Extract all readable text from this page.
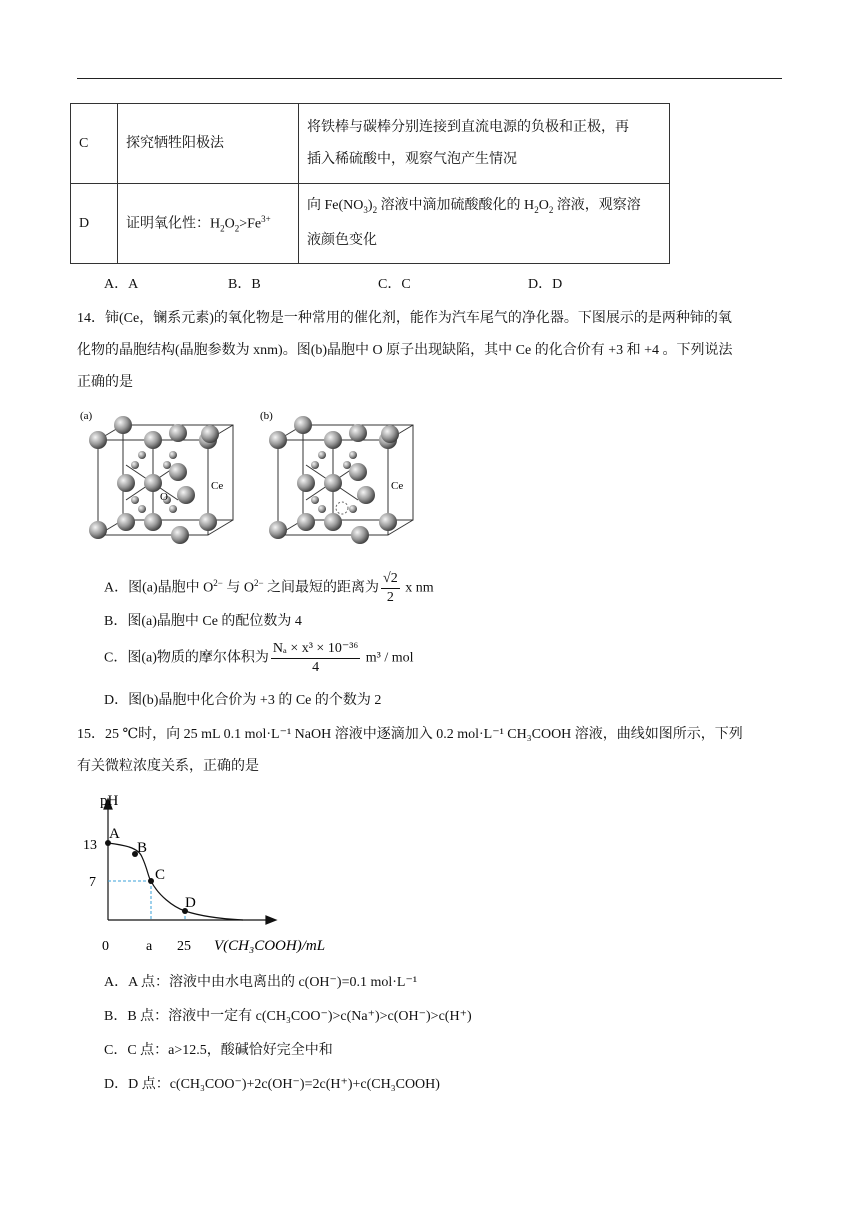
C	探究牺牲阳极法	将铁棒与碳棒分别连接到直流电源的负极和正极，再
插入稀硫酸中，观察气泡产生情况

D	证明氧化性：$H_2O_2>Fe^{3+}$	向 $Fe(NO_3)_2$ 溶液中滴加硫酸酸化的 $H_2O_2$ 溶液，观察溶
液颜色变化
A．A	B．B	C．C	D．D
14．铈(Ce，镧系元素)的氧化物是一种常用的催化剂，能作为汽车尾气的净化器。下图展示的是两种铈的氧
化物的晶胞结构(晶胞参数为 xnm)。图(b)晶胞中 O 原子出现缺陷，其中 Ce 的化合价有 +3 和 +4 。下列说法
正确的是
(a)
O
Ce
(b)
Ce
A．图(a)晶胞中 $O^{2-}$ 与 $O^{2-}$ 之间最短的距离为 $\frac{√2}{2}$ x nm
B．图(a)晶胞中 Ce 的配位数为 4
C．图(a)物质的摩尔体积为 $\frac{\text{Nₐ × x³ × 10⁻³⁶}}{4} m^3$ / mol
D．图(b)晶胞中化合价为 +3 的 Ce 的个数为 2
15．25 ℃时，向 25 mL 0.1 mol·L⁻¹ NaOH 溶液中逐滴加入 0.2 mol·L⁻¹ CH₃COOH 溶液，曲线如图所示，下列
有关微粒浓度关系，正确的是
pH
13
7
0	a 25 V(CH₃COOH)/mL
A
B
C
D
A．A 点：溶液中由水电离出的 c(OH⁻)=0.1 mol·L⁻¹
B．B 点：溶液中一定有 c(CH₃COO⁻)>c(Na⁺)>c(OH⁻)>c(H⁺)
C．C 点：a>12.5，酸碱恰好完全中和
D．D 点：c(CH₃COO⁻)+2c(OH⁻)=2c(H⁺)+c(CH₃COOH)
